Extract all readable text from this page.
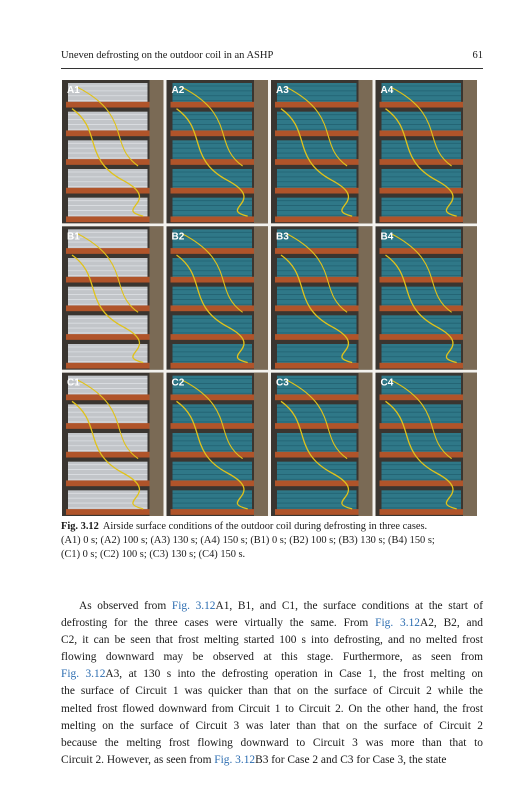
Uneven defrosting on the outdoor coil in an ASHP	61
A1	A2	A3	A4
B1	B2	B3	B4
C1	C2	C3	C4
Fig. 3.12 Airside surface conditions of the outdoor coil during defrosting in three cases.
(A1) 0 s; (A2) 100 s; (A3) 130 s; (A4) 150 s; (B1) 0 s; (B2) 100 s; (B3) 130 s; (B4) 150 s;
(C1) 0 s; (C2) 100 s; (C3) 130 s; (C4) 150 s.
As observed from Fig. 3.12A1, B1, and C1, the surface conditions at the start of
defrosting for the three cases were virtually the same. From Fig. 3.12A2, B2, and
C2, it can be seen that frost melting started 100 s into defrosting, and no melted frost
flowing downward may be observed at this stage. Furthermore, as seen from
Fig. 3.12A3, at 130 s into the defrosting operation in Case 1, the frost melting on
the surface of Circuit 1 was quicker than that on the surface of Circuit 2 while the
melted frost flowed downward from Circuit 1 to Circuit 2. On the other hand, the frost
melting on the surface of Circuit 3 was later than that on the surface of Circuit 2
because the melting frost flowing downward to Circuit 3 was more than that to
Circuit 2. However, as seen from Fig. 3.12B3 for Case 2 and C3 for Case 3, the state
